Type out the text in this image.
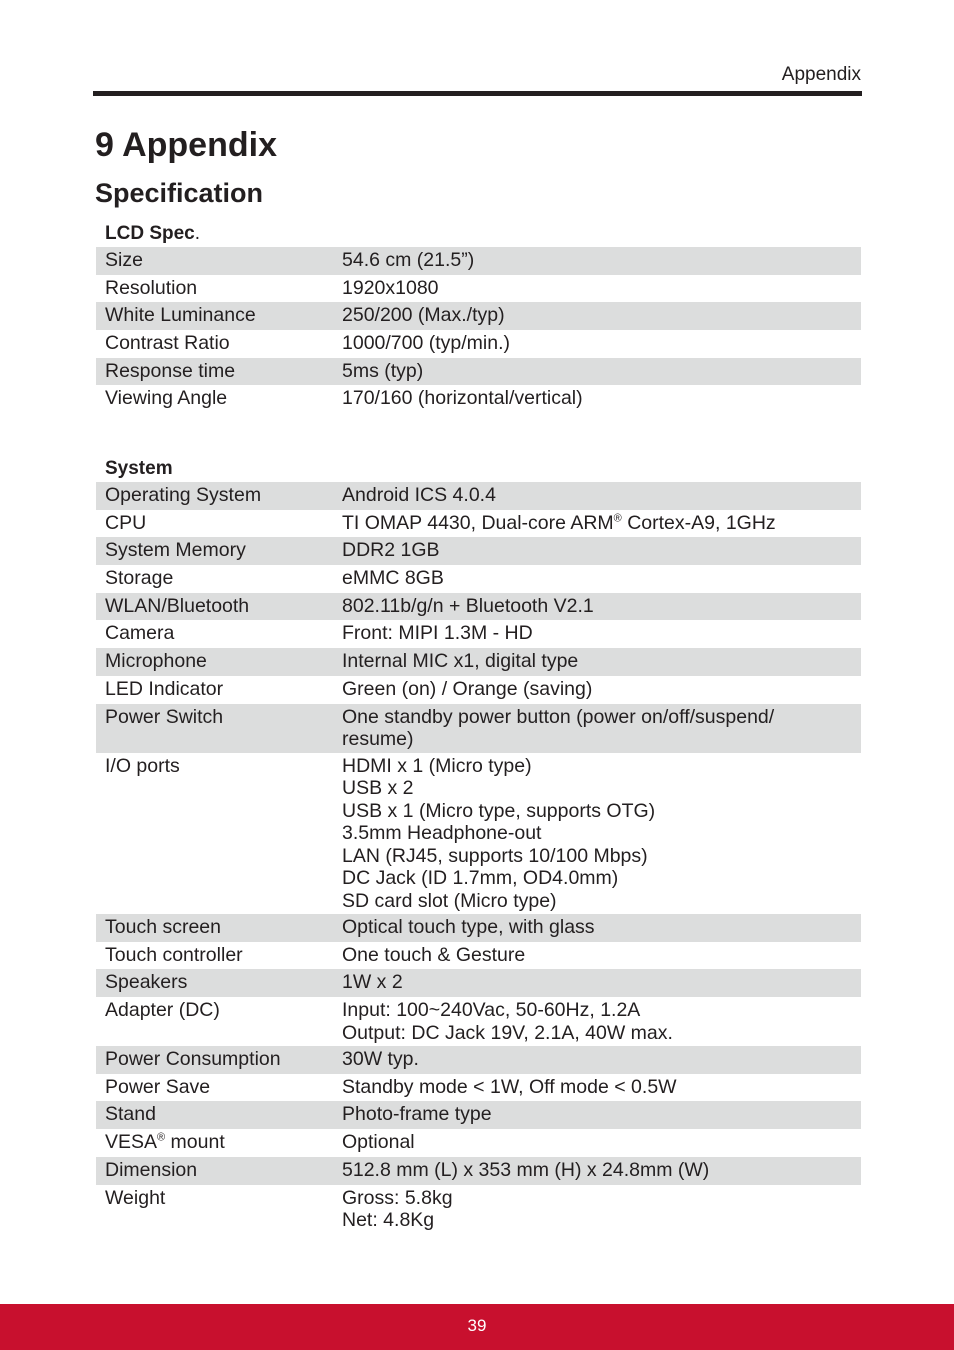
Appendix
9 Appendix
Specification
LCD Spec.
Size	54.6 cm (21.5”)
Resolution	1920x1080
White Luminance	250/200 (Max./typ)
Contrast Ratio	1000/700 (typ/min.)
Response time	5ms (typ)
Viewing Angle	170/160 (horizontal/vertical)
System
Operating System	Android ICS 4.0.4
CPU	TI OMAP 4430, Dual-core ARM® Cortex-A9, 1GHz
System Memory	DDR2 1GB
Storage	eMMC 8GB
WLAN/Bluetooth	802.11b/g/n + Bluetooth V2.1
Camera	Front: MIPI 1.3M - HD
Microphone	Internal MIC x1, digital type
LED Indicator	Green (on) / Orange (saving)
Power Switch	One standby power button (power on/off/suspend/
resume)
I/O ports	HDMI x 1 (Micro type)
USB x 2
USB x 1 (Micro type, supports OTG)
3.5mm Headphone-out
LAN (RJ45, supports 10/100 Mbps)
DC Jack (ID 1.7mm, OD4.0mm)
SD card slot (Micro type)
Touch screen	Optical touch type, with glass
Touch controller	One touch & Gesture
Speakers	1W x 2
Adapter (DC)	Input: 100~240Vac, 50-60Hz, 1.2A
Output: DC Jack 19V, 2.1A, 40W max.
Power Consumption	30W typ.
Power Save	Standby mode < 1W, Off mode < 0.5W
Stand	Photo-frame type
VESA® mount	Optional
Dimension	512.8 mm (L) x 353 mm (H) x 24.8mm (W)
Weight	Gross: 5.8kg
Net: 4.8Kg
39
